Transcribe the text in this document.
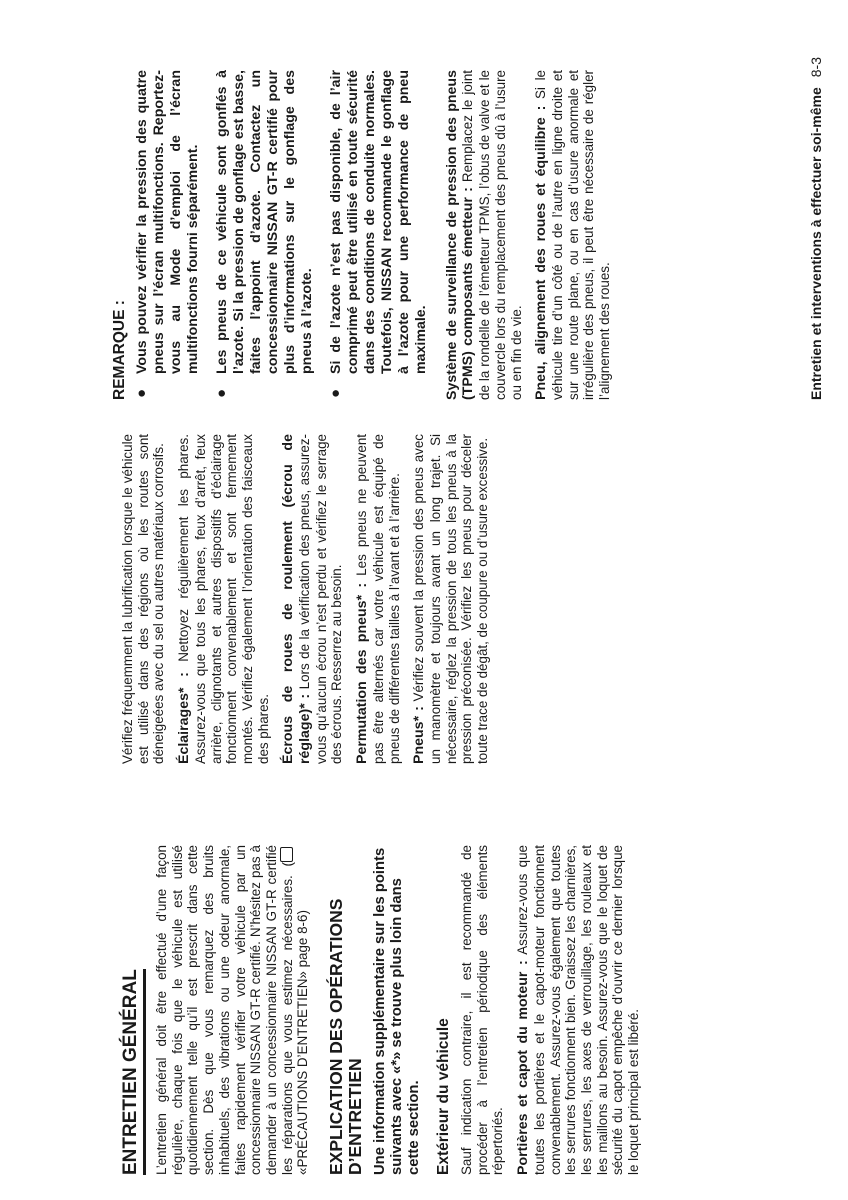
ENTRETIEN GÉNÉRAL L’entretien général doit être effectué d’une façon régulière, chaque fois que le véhicule est utilisé quotidiennement telle qu’il est prescrit dans cette section. Dès que vous remarquez des bruits inhabituels, des vibrations ou une odeur anormale, faites rapidement vérifier votre véhicule par un concessionnaire NISSAN GT-R certifié. N’hésitez pas à demander à un concessionnaire NISSAN GT-R certifié les réparations que vous estimez nécessaires. («PRÉCAUTIONS D’ENTRETIEN» page 8-6) EXPLICATION DES OPÉRATIONS D’ENTRETIEN Une information supplémentaire sur les points suivants avec «*» se trouve plus loin dans cette section. Extérieur du véhicule Sauf indication contraire, il est recommandé de procéder à l’entretien périodique des éléments répertoriés. Portières et capot du moteur : Assurez-vous que toutes les portières et le capot-moteur fonctionnent convenablement. Assurez-vous également que toutes les serrures fonctionnent bien. Graissez les charnières, les serrures, les axes de verrouillage, les rouleaux et les maillons au besoin. Assurez-vous que le loquet de sécurité du capot empêche d’ouvrir ce dernier lorsque le loquet principal est libéré.

Vérifiez fréquemment la lubrification lorsque le véhicule est utilisé dans des régions où les routes sont déneigeées avec du sel ou autres matériaux corrosifs. Éclairages* : Nettoyez régulièrement les phares. Assurez-vous que tous les phares, feux d’arrêt, feux arrière, clignotants et autres dispositifs d’éclairage fonctionnent convenablement et sont fermement montés. Vérifiez également l’orientation des faisceaux des phares. Écrous de roues de roulement (écrou de réglage)* : Lors de la vérification des pneus, assurez-vous qu’aucun écrou n’est perdu et vérifiez le serrage des écrous. Resserrez au besoin. Permutation des pneus* : Les pneus ne peuvent pas être alternés car votre véhicule est équipé de pneus de différentes tailles à l’avant et à l’arrière. Pneus* : Vérifiez souvent la pression des pneus avec un manomètre et toujours avant un long trajet. Si nécessaire, réglez la pression de tous les pneus à la pression préconisée. Vérifiez les pneus pour déceler toute trace de dégât, de coupure ou d’usure excessive.

REMARQUE : ●
Vous pouvez vérifier la pression des quatre pneus sur l’écran multifonctions. Reportez-vous au Mode d’emploi de l’écran multifonctions fourni séparément.
●
Les pneus de ce véhicule sont gonflés à l’azote. Si la pression de gonflage est basse, faites l’appoint d’azote. Contactez un concessionnaire NISSAN GT-R certifié pour plus d’informations sur le gonflage des pneus à l’azote.
●
Si de l’azote n’est pas disponible, de l’air comprimé peut être utilisé en toute sécurité dans des conditions de conduite normales. Toutefois, NISSAN recommande le gonflage à l’azote pour une performance de pneu maximale. Système de surveillance de pression des pneus (TPMS) composants émetteur : Remplacez le joint de la rondelle de l’émetteur TPMS, l’obus de valve et le couvercle lors du remplacement des pneus dû à l’usure ou en fin de vie. Pneu, alignement des roues et équilibre : Si le véhicule tire d’un côté ou de l’autre en ligne droite et sur une route plane, ou en cas d’usure anormale et irrégulière des pneus, il peut être nécessaire de régler l’alignement des roues.	Entretien et interventions à effectuer soi-même8-3
